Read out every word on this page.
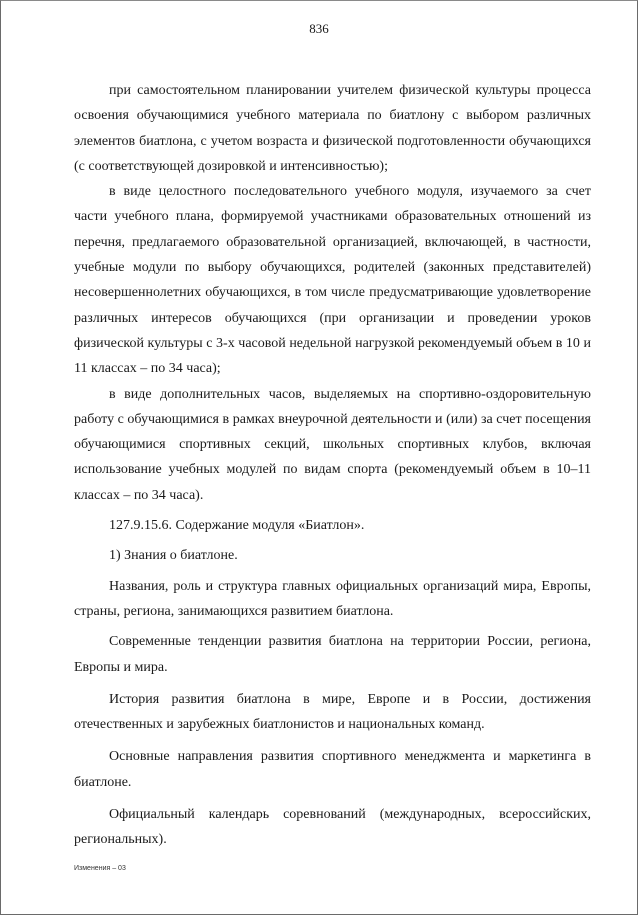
836

при самостоятельном планировании учителем физической культуры процесса освоения обучающимися учебного материала по биатлону с выбором различных элементов биатлона, с учетом возраста и физической подготовленности обучающихся (с соответствующей дозировкой и интенсивностью);

в виде целостного последовательного учебного модуля, изучаемого за счет части учебного плана, формируемой участниками образовательных отношений из перечня, предлагаемого образовательной организацией, включающей, в частности, учебные модули по выбору обучающихся, родителей (законных представителей) несовершеннолетних обучающихся, в том числе предусматривающие удовлетворение различных интересов обучающихся (при организации и проведении уроков физической культуры с 3-х часовой недельной нагрузкой рекомендуемый объем в 10 и 11 классах – по 34 часа);

в виде дополнительных часов, выделяемых на спортивно-оздоровительную работу с обучающимися в рамках внеурочной деятельности и (или) за счет посещения обучающимися спортивных секций, школьных спортивных клубов, включая использование учебных модулей по видам спорта (рекомендуемый объем в 10–11 классах – по 34 часа).

127.9.15.6. Содержание модуля «Биатлон».

1) Знания о биатлоне.

Названия, роль и структура главных официальных организаций мира, Европы, страны, региона, занимающихся развитием биатлона.

Современные тенденции развития биатлона на территории России, региона, Европы и мира.

История развития биатлона в мире, Европе и в России, достижения отечественных и зарубежных биатлонистов и национальных команд.

Основные направления развития спортивного менеджмента и маркетинга в биатлоне.

Официальный календарь соревнований (международных, всероссийских, региональных).

Изменения – 03
